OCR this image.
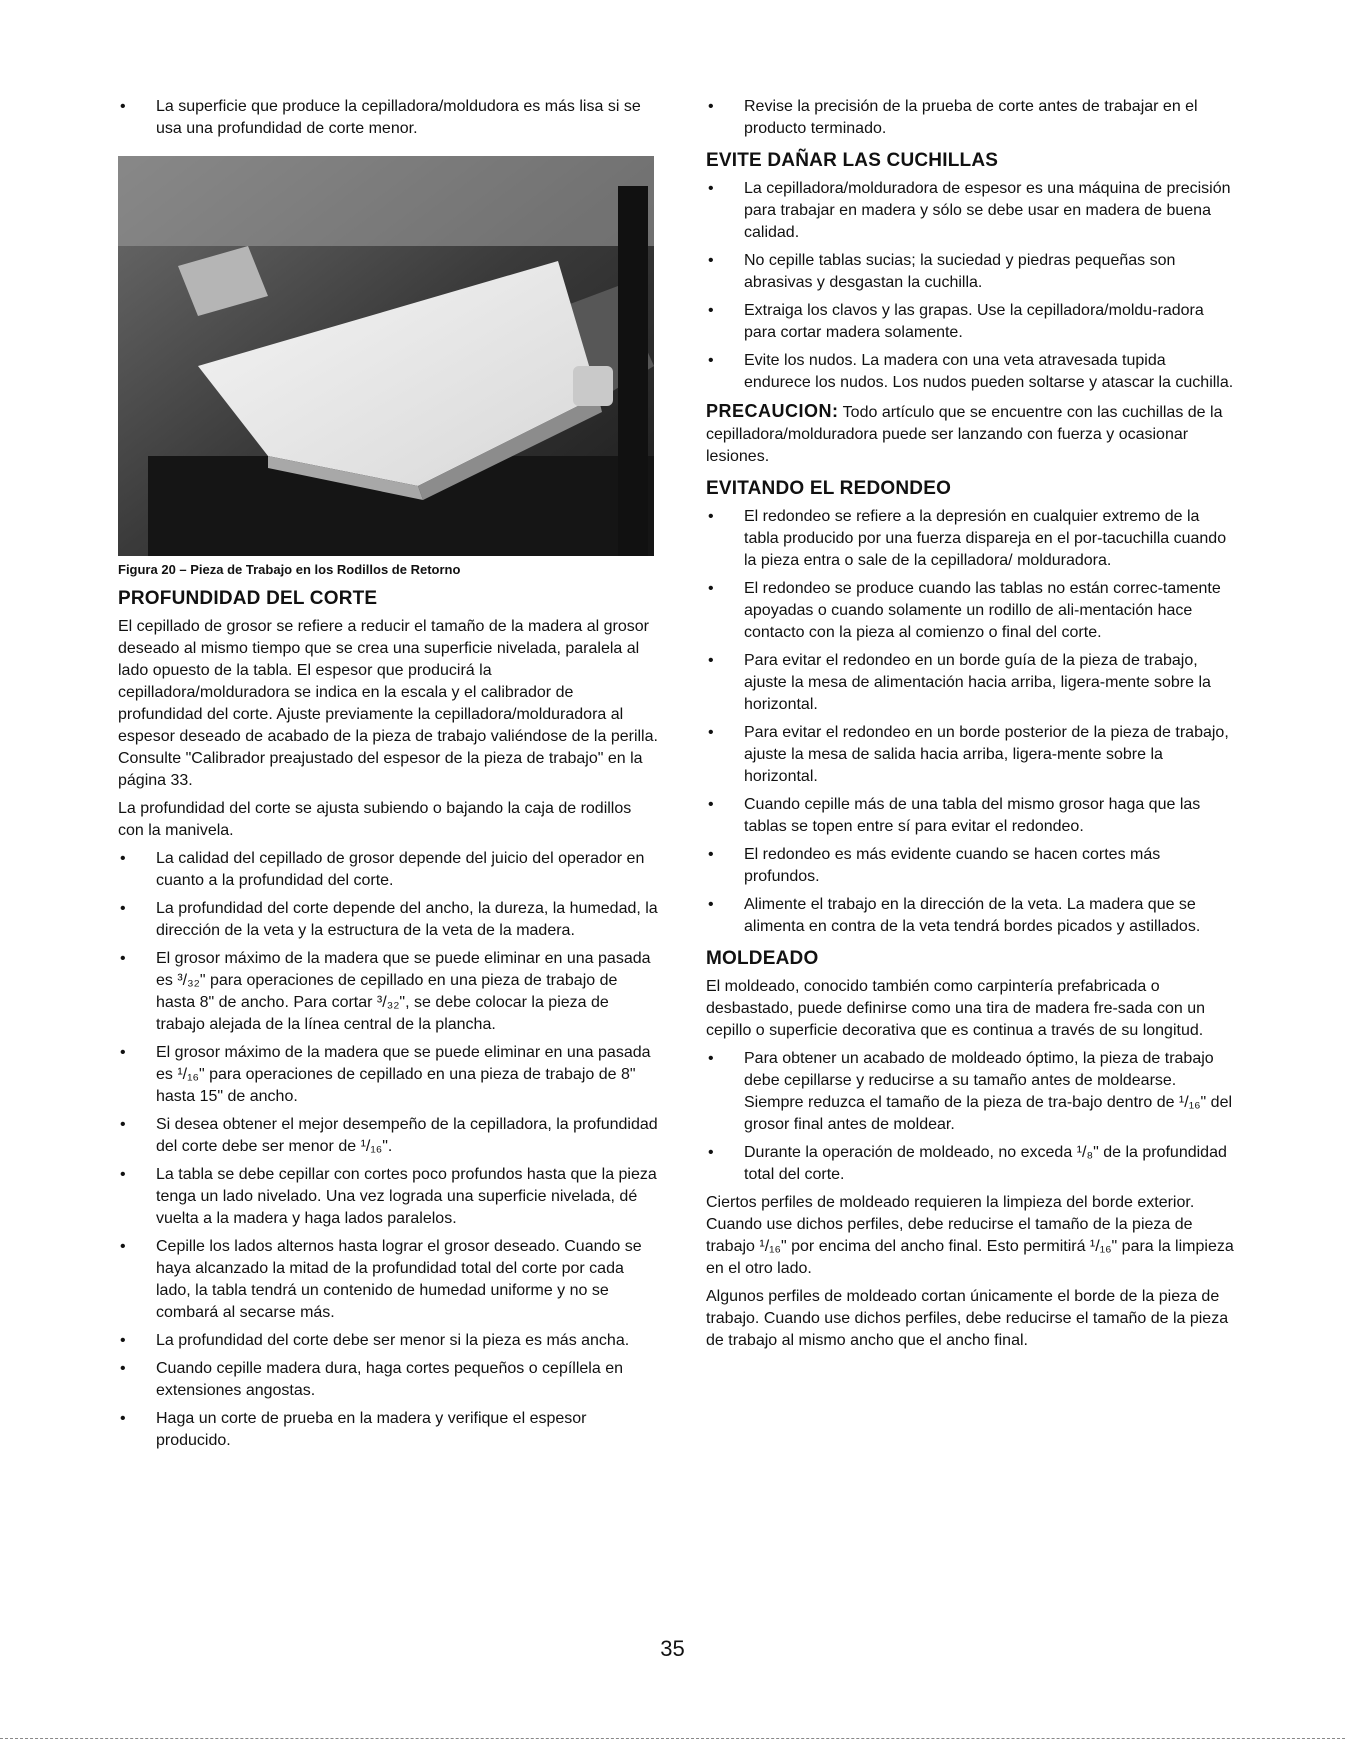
• La superficie que produce la cepilladora/moldudora es más lisa si se usa una profundidad de corte menor.
Figura 20 – Pieza de Trabajo en los Rodillos de Retorno
PROFUNDIDAD DEL CORTE

El cepillado de grosor se refiere a reducir el tamaño de la madera al grosor deseado al mismo tiempo que se crea una superficie nivelada, paralela al lado opuesto de la tabla. El espesor que producirá la cepilladora/molduradora se indica en la escala y el calibrador de profundidad del corte. Ajuste previamente la cepilladora/molduradora al espesor deseado de acabado de la pieza de trabajo valiéndose de la perilla. Consulte "Calibrador preajustado del espesor de la pieza de trabajo" en la página 33.

La profundidad del corte se ajusta subiendo o bajando la caja de rodillos con la manivela.

• La calidad del cepillado de grosor depende del juicio del operador en cuanto a la profundidad del corte.
• La profundidad del corte depende del ancho, la dureza, la humedad, la dirección de la veta y la estructura de la veta de la madera.
• El grosor máximo de la madera que se puede eliminar en una pasada es ³/₃₂" para operaciones de cepillado en una pieza de trabajo de hasta 8" de ancho. Para cortar ³/₃₂", se debe colocar la pieza de trabajo alejada de la línea central de la plancha.
• El grosor máximo de la madera que se puede eliminar en una pasada es ¹/₁₆" para operaciones de cepillado en una pieza de trabajo de 8" hasta 15" de ancho.
• Si desea obtener el mejor desempeño de la cepilladora, la profundidad del corte debe ser menor de ¹/₁₆".
• La tabla se debe cepillar con cortes poco profundos hasta que la pieza tenga un lado nivelado. Una vez lograda una superficie nivelada, dé vuelta a la madera y haga lados paralelos.
• Cepille los lados alternos hasta lograr el grosor deseado. Cuando se haya alcanzado la mitad de la profundidad total del corte por cada lado, la tabla tendrá un contenido de humedad uniforme y no se combará al secarse más.
• La profundidad del corte debe ser menor si la pieza es más ancha.
• Cuando cepille madera dura, haga cortes pequeños o cepíllela en extensiones angostas.
• Haga un corte de prueba en la madera y verifique el espesor producido.
• Revise la precisión de la prueba de corte antes de trabajar en el producto terminado.
EVITE DAÑAR LAS CUCHILLAS
• La cepilladora/molduradora de espesor es una máquina de precisión para trabajar en madera y sólo se debe usar en madera de buena calidad.
• No cepille tablas sucias; la suciedad y piedras pequeñas son abrasivas y desgastan la cuchilla.
• Extraiga los clavos y las grapas. Use la cepilladora/moldu-radora para cortar madera solamente.
• Evite los nudos. La madera con una veta atravesada tupida endurece los nudos. Los nudos pueden soltarse y atascar la cuchilla.

PRECAUCION: Todo artículo que se encuentre con las cuchillas de la cepilladora/molduradora puede ser lanzando con fuerza y ocasionar lesiones.

EVITANDO EL REDONDEO
• El redondeo se refiere a la depresión en cualquier extremo de la tabla producido por una fuerza dispareja en el por-tacuchilla cuando la pieza entra o sale de la cepilladora/ molduradora.
• El redondeo se produce cuando las tablas no están correc-tamente apoyadas o cuando solamente un rodillo de ali-mentación hace contacto con la pieza al comienzo o final del corte.
• Para evitar el redondeo en un borde guía de la pieza de trabajo, ajuste la mesa de alimentación hacia arriba, ligera-mente sobre la horizontal.
• Para evitar el redondeo en un borde posterior de la pieza de trabajo, ajuste la mesa de salida hacia arriba, ligera-mente sobre la horizontal.
• Cuando cepille más de una tabla del mismo grosor haga que las tablas se topen entre sí para evitar el redondeo.
• El redondeo es más evidente cuando se hacen cortes más profundos.
• Alimente el trabajo en la dirección de la veta. La madera que se alimenta en contra de la veta tendrá bordes picados y astillados.
MOLDEADO

El moldeado, conocido también como carpintería prefabricada o desbastado, puede definirse como una tira de madera fre-sada con un cepillo o superficie decorativa que es continua a través de su longitud.

• Para obtener un acabado de moldeado óptimo, la pieza de trabajo debe cepillarse y reducirse a su tamaño antes de moldearse. Siempre reduzca el tamaño de la pieza de tra-bajo dentro de ¹/₁₆" del grosor final antes de moldear.
• Durante la operación de moldeado, no exceda ¹/₈" de la profundidad total del corte.

Ciertos perfiles de moldeado requieren la limpieza del borde exterior. Cuando use dichos perfiles, debe reducirse el tamaño de la pieza de trabajo ¹/₁₆" por encima del ancho final. Esto permitirá ¹/₁₆" para la limpieza en el otro lado.

Algunos perfiles de moldeado cortan únicamente el borde de la pieza de trabajo. Cuando use dichos perfiles, debe reducirse el tamaño de la pieza de trabajo al mismo ancho que el ancho final.

35
